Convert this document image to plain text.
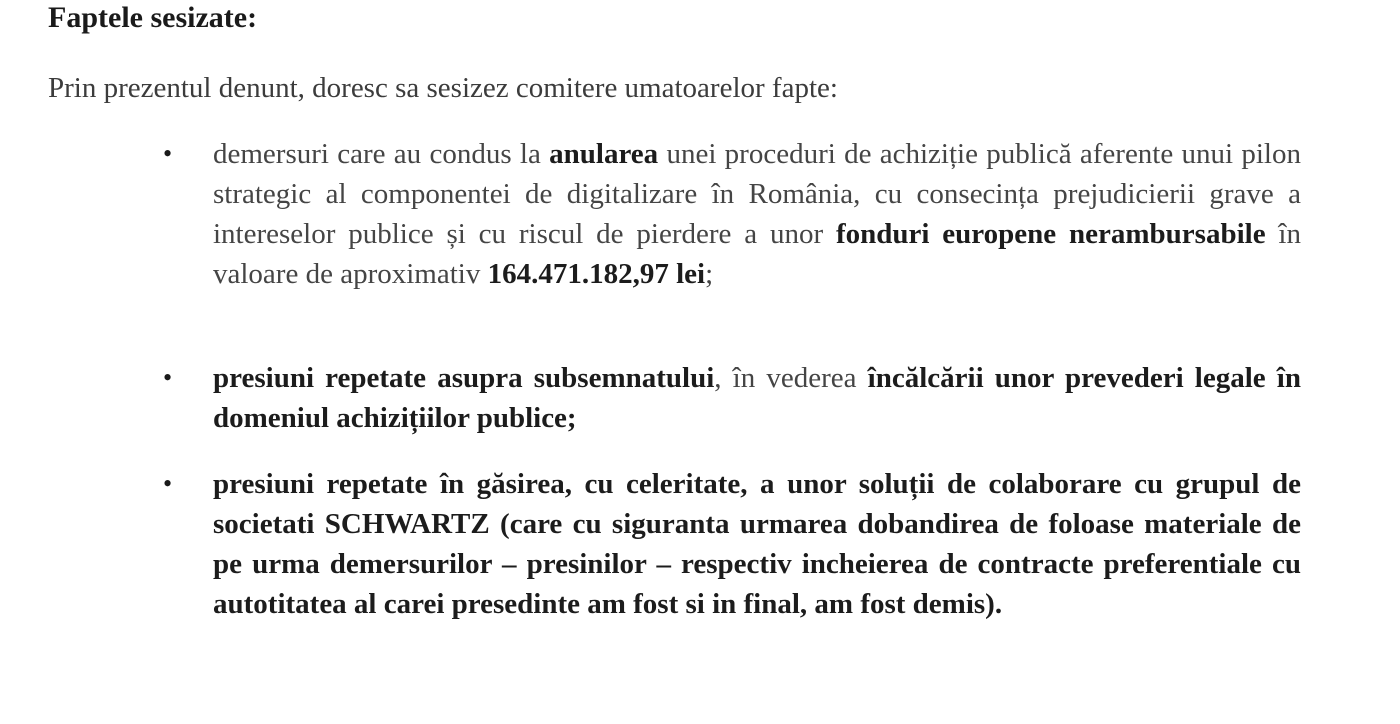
Faptele sesizate:
Prin prezentul denunt, doresc sa sesizez comitere umatoarelor fapte:
• demersuri care au condus la anularea unei proceduri de achiziție publică aferente unui pilon strategic al componentei de digitalizare în România, cu consecința prejudicierii grave a intereselor publice și cu riscul de pierdere a unor fonduri europene nerambursabile în valoare de aproximativ 164.471.182,97 lei;
• presiuni repetate asupra subsemnatului, în vederea încălcării unor prevederi legale în domeniul achizițiilor publice;
• presiuni repetate în găsirea, cu celeritate, a unor soluții de colaborare cu grupul de societati SCHWARTZ (care cu siguranta urmarea dobandirea de foloase materiale de pe urma demersurilor – presinilor – respectiv incheierea de contracte preferentiale cu autotitatea al carei presedinte am fost si in final, am fost demis).
